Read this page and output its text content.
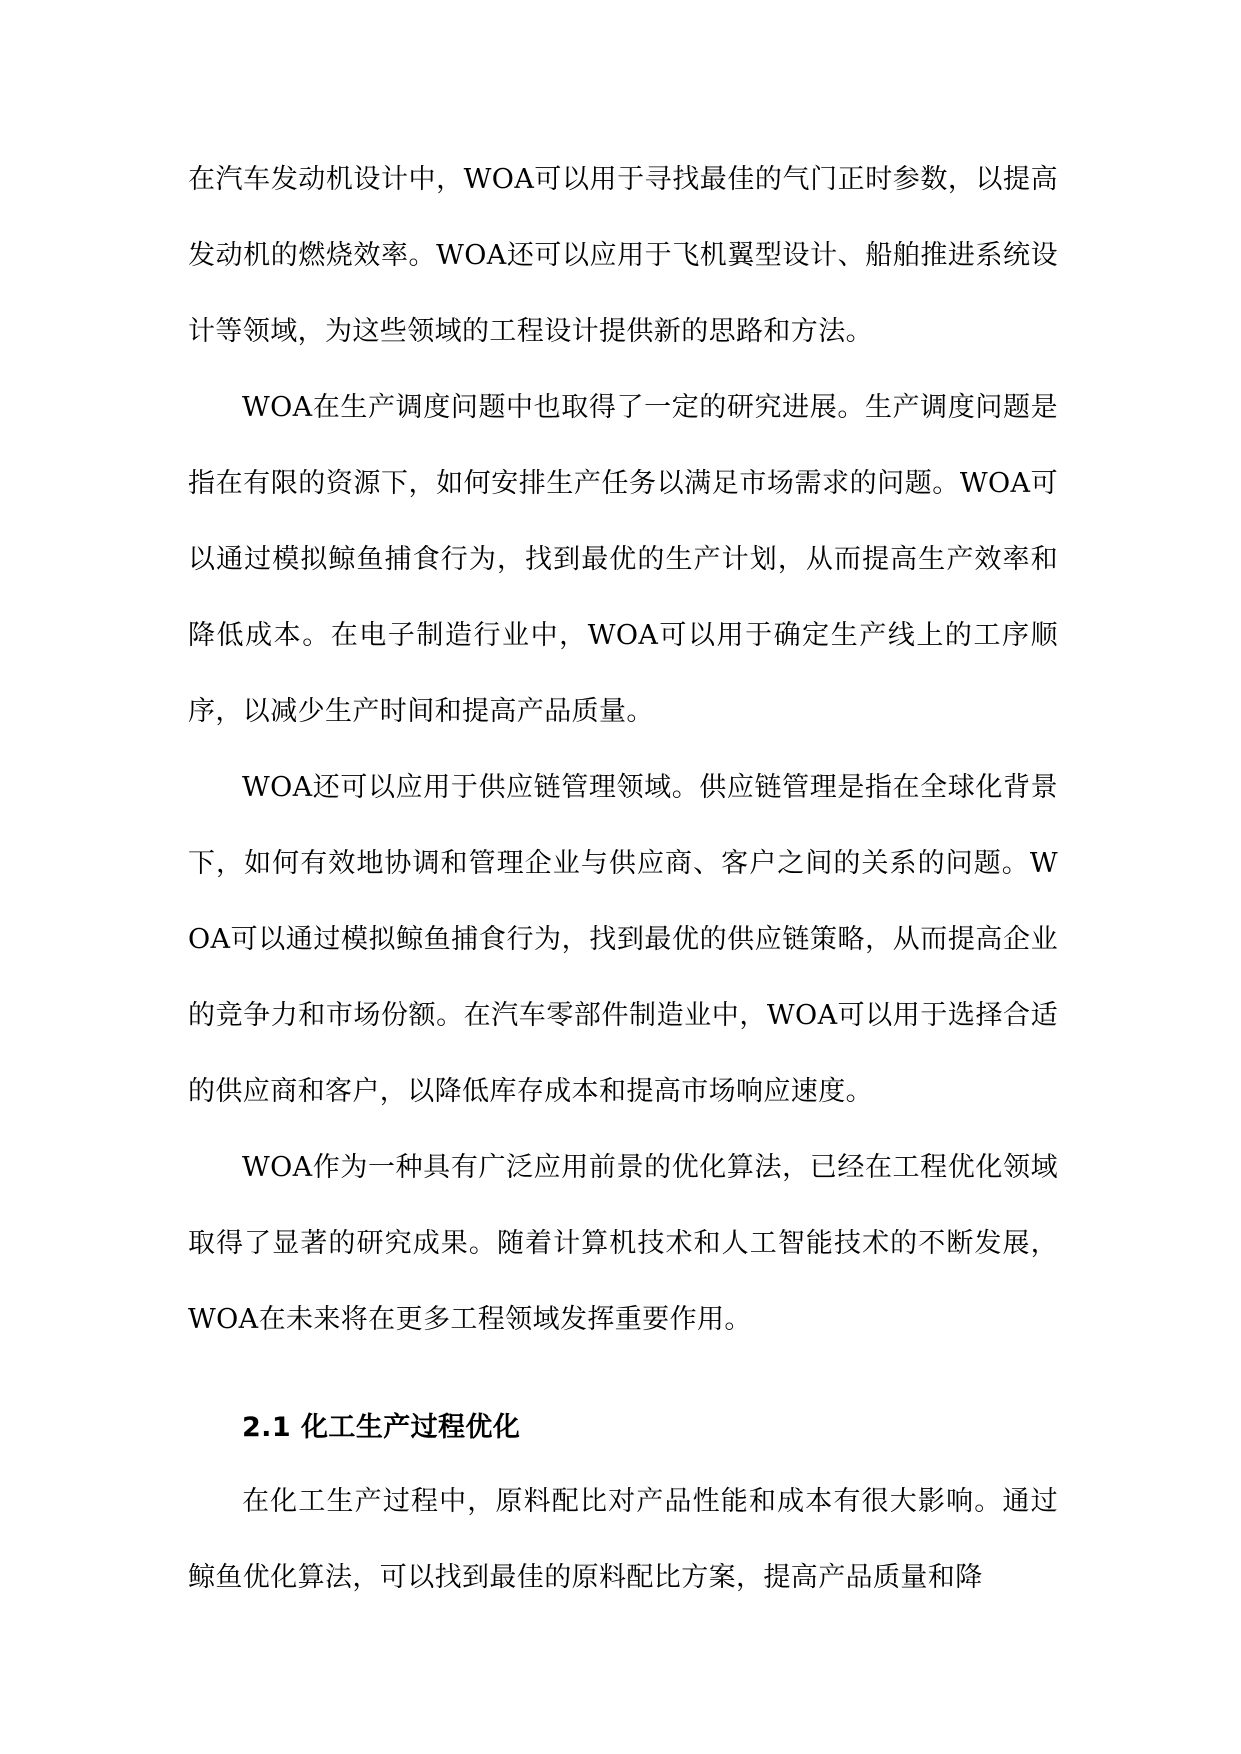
在汽车发动机设计中，WOA可以用于寻找最佳的气门正时参数，以提高发动机的燃烧效率。WOA还可以应用于飞机翼型设计、船舶推进系统设计等领域，为这些领域的工程设计提供新的思路和方法。

WOA在生产调度问题中也取得了一定的研究进展。生产调度问题是指在有限的资源下，如何安排生产任务以满足市场需求的问题。WOA可以通过模拟鲸鱼捕食行为，找到最优的生产计划，从而提高生产效率和降低成本。在电子制造行业中，WOA可以用于确定生产线上的工序顺序，以减少生产时间和提高产品质量。

WOA还可以应用于供应链管理领域。供应链管理是指在全球化背景下，如何有效地协调和管理企业与供应商、客户之间的关系的问题。WOA可以通过模拟鲸鱼捕食行为，找到最优的供应链策略，从而提高企业的竞争力和市场份额。在汽车零部件制造业中，WOA可以用于选择合适的供应商和客户，以降低库存成本和提高市场响应速度。

WOA作为一种具有广泛应用前景的优化算法，已经在工程优化领域取得了显著的研究成果。随着计算机技术和人工智能技术的不断发展，WOA在未来将在更多工程领域发挥重要作用。

2.1 化工生产过程优化

在化工生产过程中，原料配比对产品性能和成本有很大影响。通过鲸鱼优化算法，可以找到最佳的原料配比方案，提高产品质量和降
